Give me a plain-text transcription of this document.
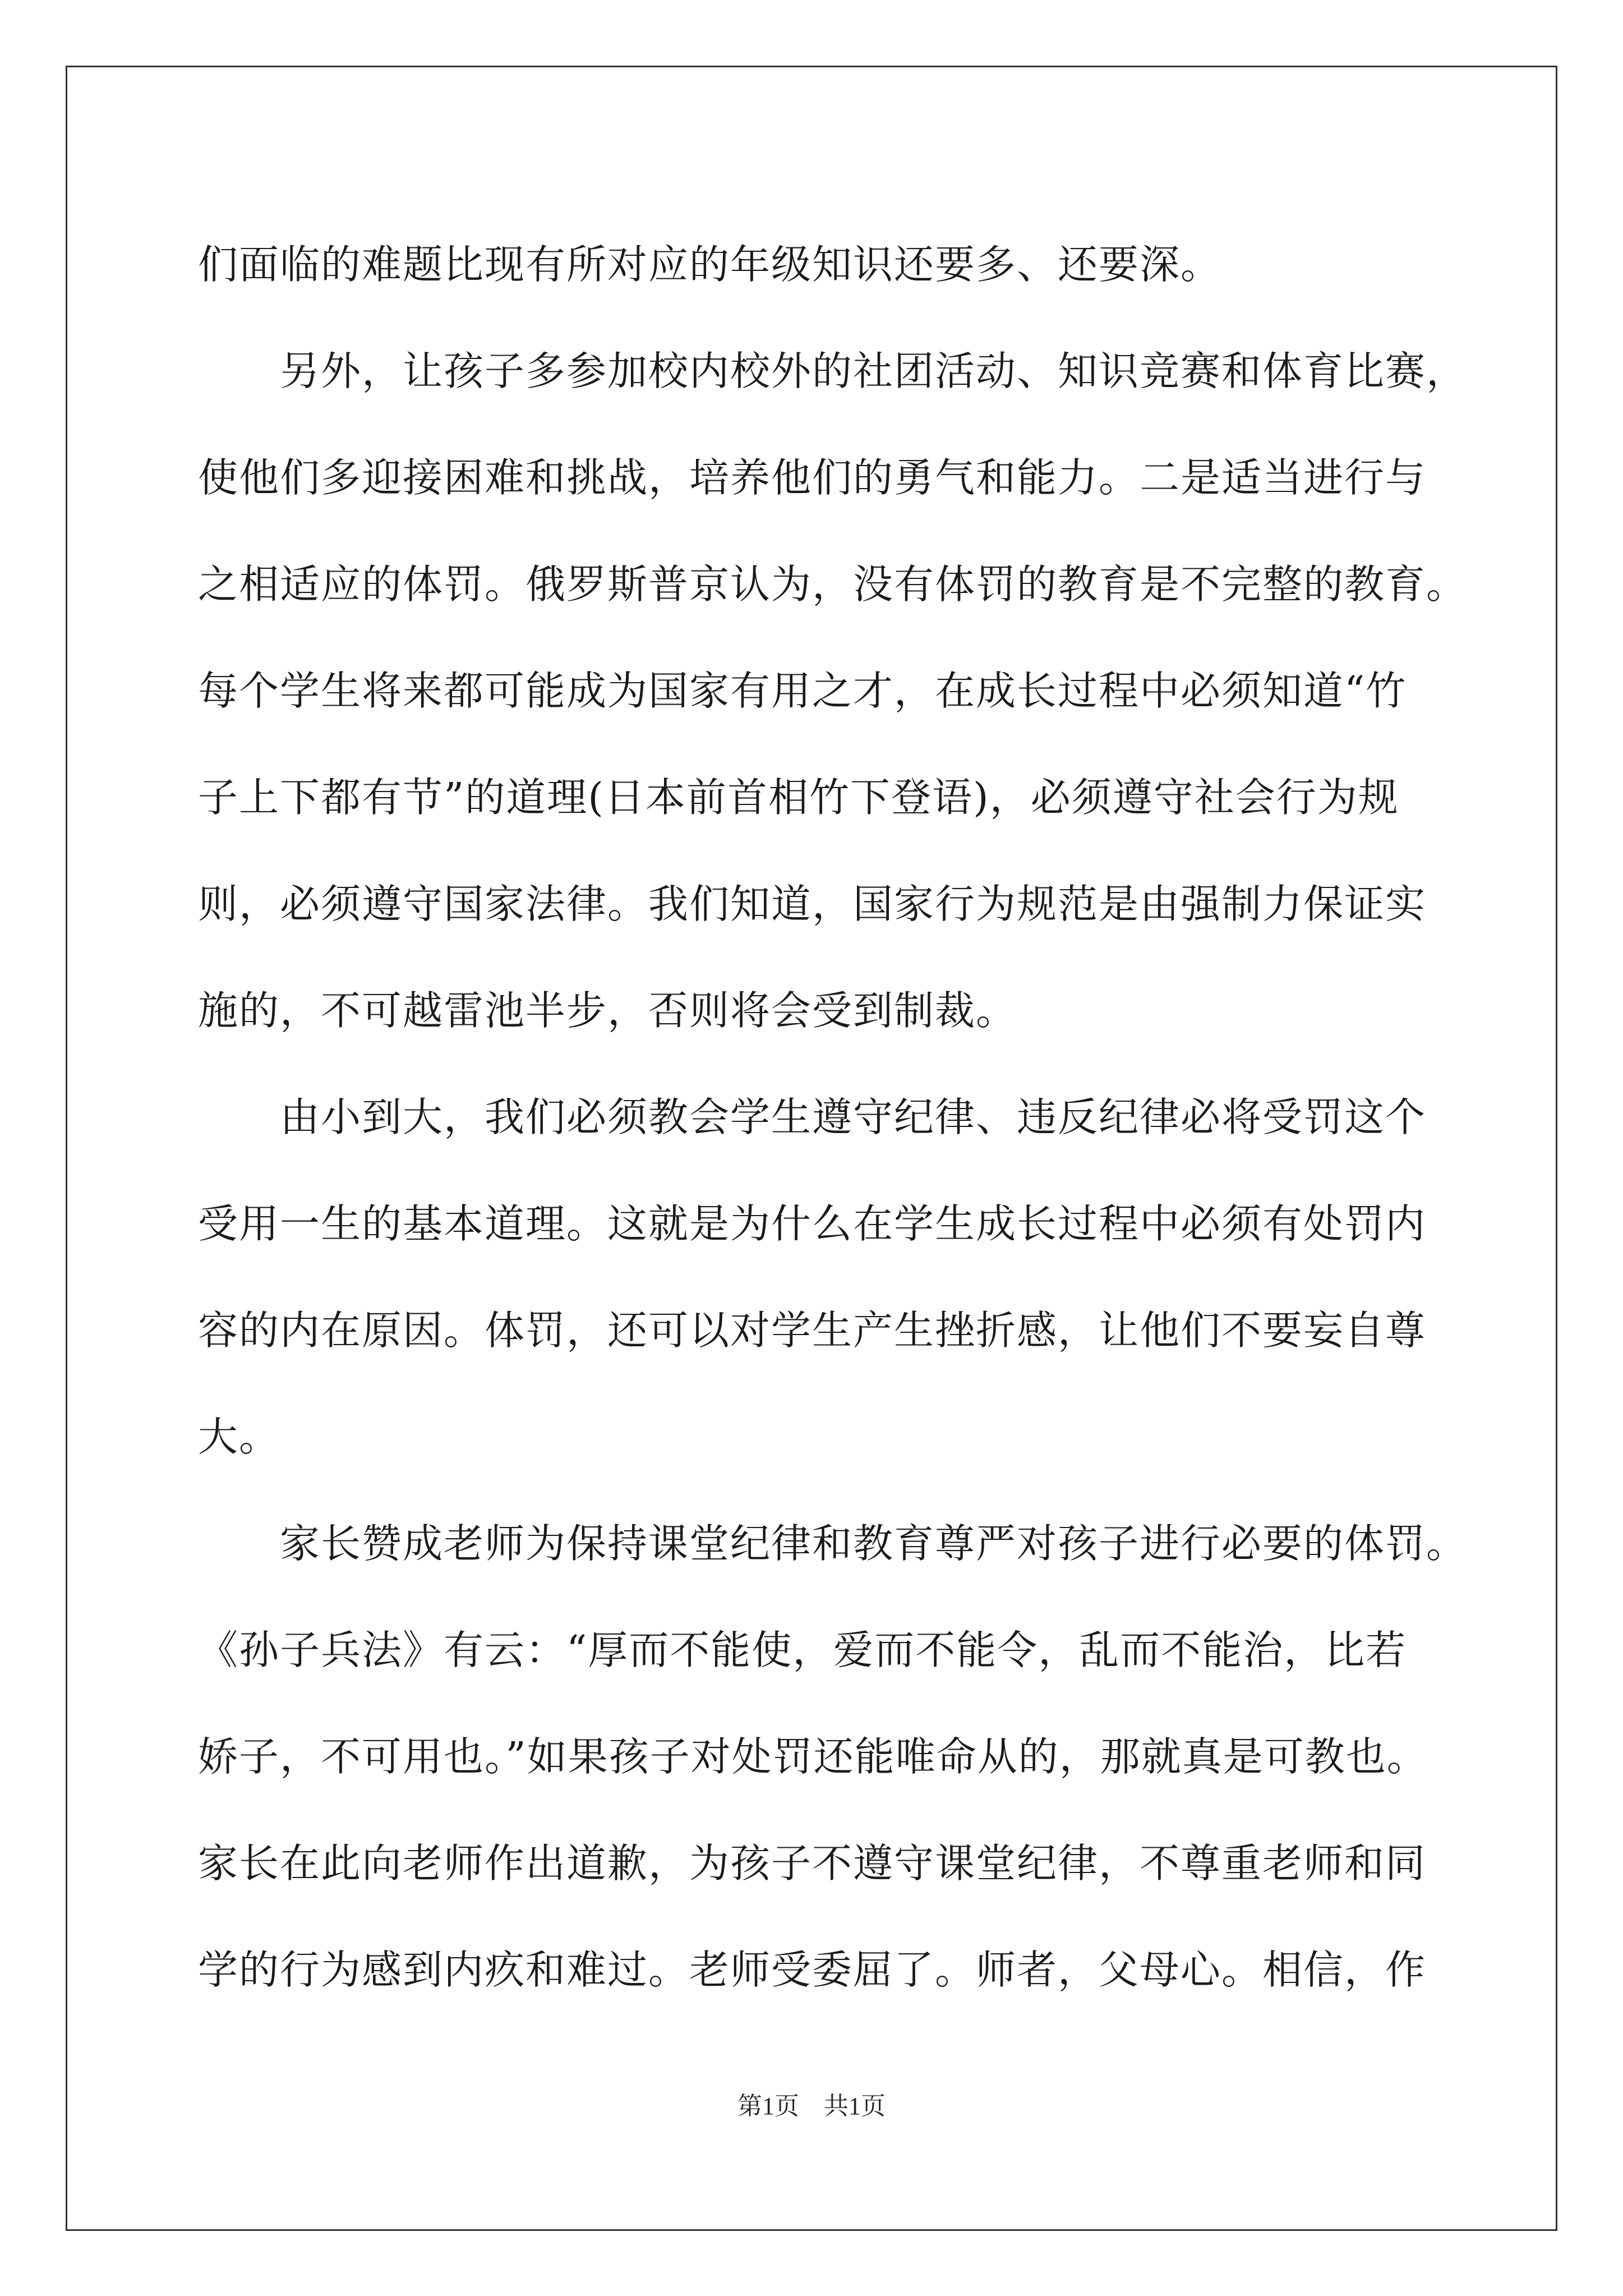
们面临的难题比现有所对应的年级知识还要多、还要深。
另外，让孩子多参加校内校外的社团活动、知识竞赛和体育比赛，
使他们多迎接困难和挑战，培养他们的勇气和能力。二是适当进行与
之相适应的体罚。俄罗斯普京认为，没有体罚的教育是不完整的教育。
每个学生将来都可能成为国家有用之才，在成长过程中必须知道“竹
子上下都有节”的道理(日本前首相竹下登语)，必须遵守社会行为规
则，必须遵守国家法律。我们知道，国家行为规范是由强制力保证实
施的，不可越雷池半步，否则将会受到制裁。
由小到大，我们必须教会学生遵守纪律、违反纪律必将受罚这个
受用一生的基本道理。这就是为什么在学生成长过程中必须有处罚内
容的内在原因。体罚，还可以对学生产生挫折感，让他们不要妄自尊
大。
家长赞成老师为保持课堂纪律和教育尊严对孩子进行必要的体罚。
《孙子兵法》有云：“厚而不能使，爱而不能令，乱而不能治，比若
娇子，不可用也。”如果孩子对处罚还能唯命从的，那就真是可教也。
家长在此向老师作出道歉，为孩子不遵守课堂纪律，不尊重老师和同
学的行为感到内疚和难过。老师受委屈了。师者，父母心。相信，作
第1页　共1页
